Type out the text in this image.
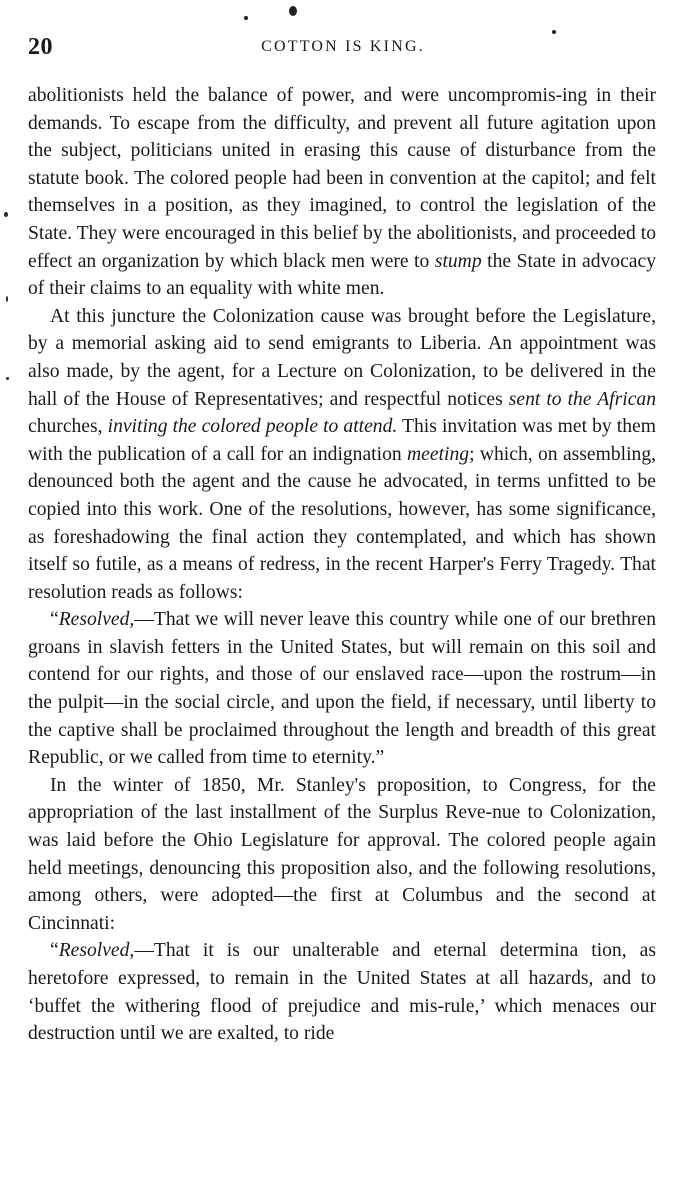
20	COTTON IS KING.

abolitionists held the balance of power, and were uncompromis-ing in their demands. To escape from the difficulty, and prevent all future agitation upon the subject, politicians united in erasing this cause of disturbance from the statute book. The colored people had been in convention at the capitol; and felt themselves in a position, as they imagined, to control the legislation of the State. They were encouraged in this belief by the abolitionists, and proceeded to effect an organization by which black men were to stump the State in advocacy of their claims to an equality with white men.

At this juncture the Colonization cause was brought before the Legislature, by a memorial asking aid to send emigrants to Liberia. An appointment was also made, by the agent, for a Lecture on Colonization, to be delivered in the hall of the House of Representatives; and respectful notices sent to the African churches, inviting the colored people to attend. This invitation was met by them with the publication of a call for an indignation meeting; which, on assembling, denounced both the agent and the cause he advocated, in terms unfitted to be copied into this work. One of the resolutions, however, has some significance, as foreshadowing the final action they contemplated, and which has shown itself so futile, as a means of redress, in the recent Harper's Ferry Tragedy. That resolution reads as follows:

“Resolved,—That we will never leave this country while one of our brethren groans in slavish fetters in the United States, but will remain on this soil and contend for our rights, and those of our enslaved race—upon the rostrum—in the pulpit—in the social circle, and upon the field, if necessary, until liberty to the captive shall be proclaimed throughout the length and breadth of this great Republic, or we called from time to eternity.”

In the winter of 1850, Mr. Stanley's proposition, to Congress, for the appropriation of the last installment of the Surplus Reve-nue to Colonization, was laid before the Ohio Legislature for approval. The colored people again held meetings, denouncing this proposition also, and the following resolutions, among others, were adopted—the first at Columbus and the second at Cincinnati:

“Resolved,—That it is our unalterable and eternal determina tion, as heretofore expressed, to remain in the United States at all hazards, and to ‘buffet the withering flood of prejudice and mis-rule,’ which menaces our destruction until we are exalted, to ride
